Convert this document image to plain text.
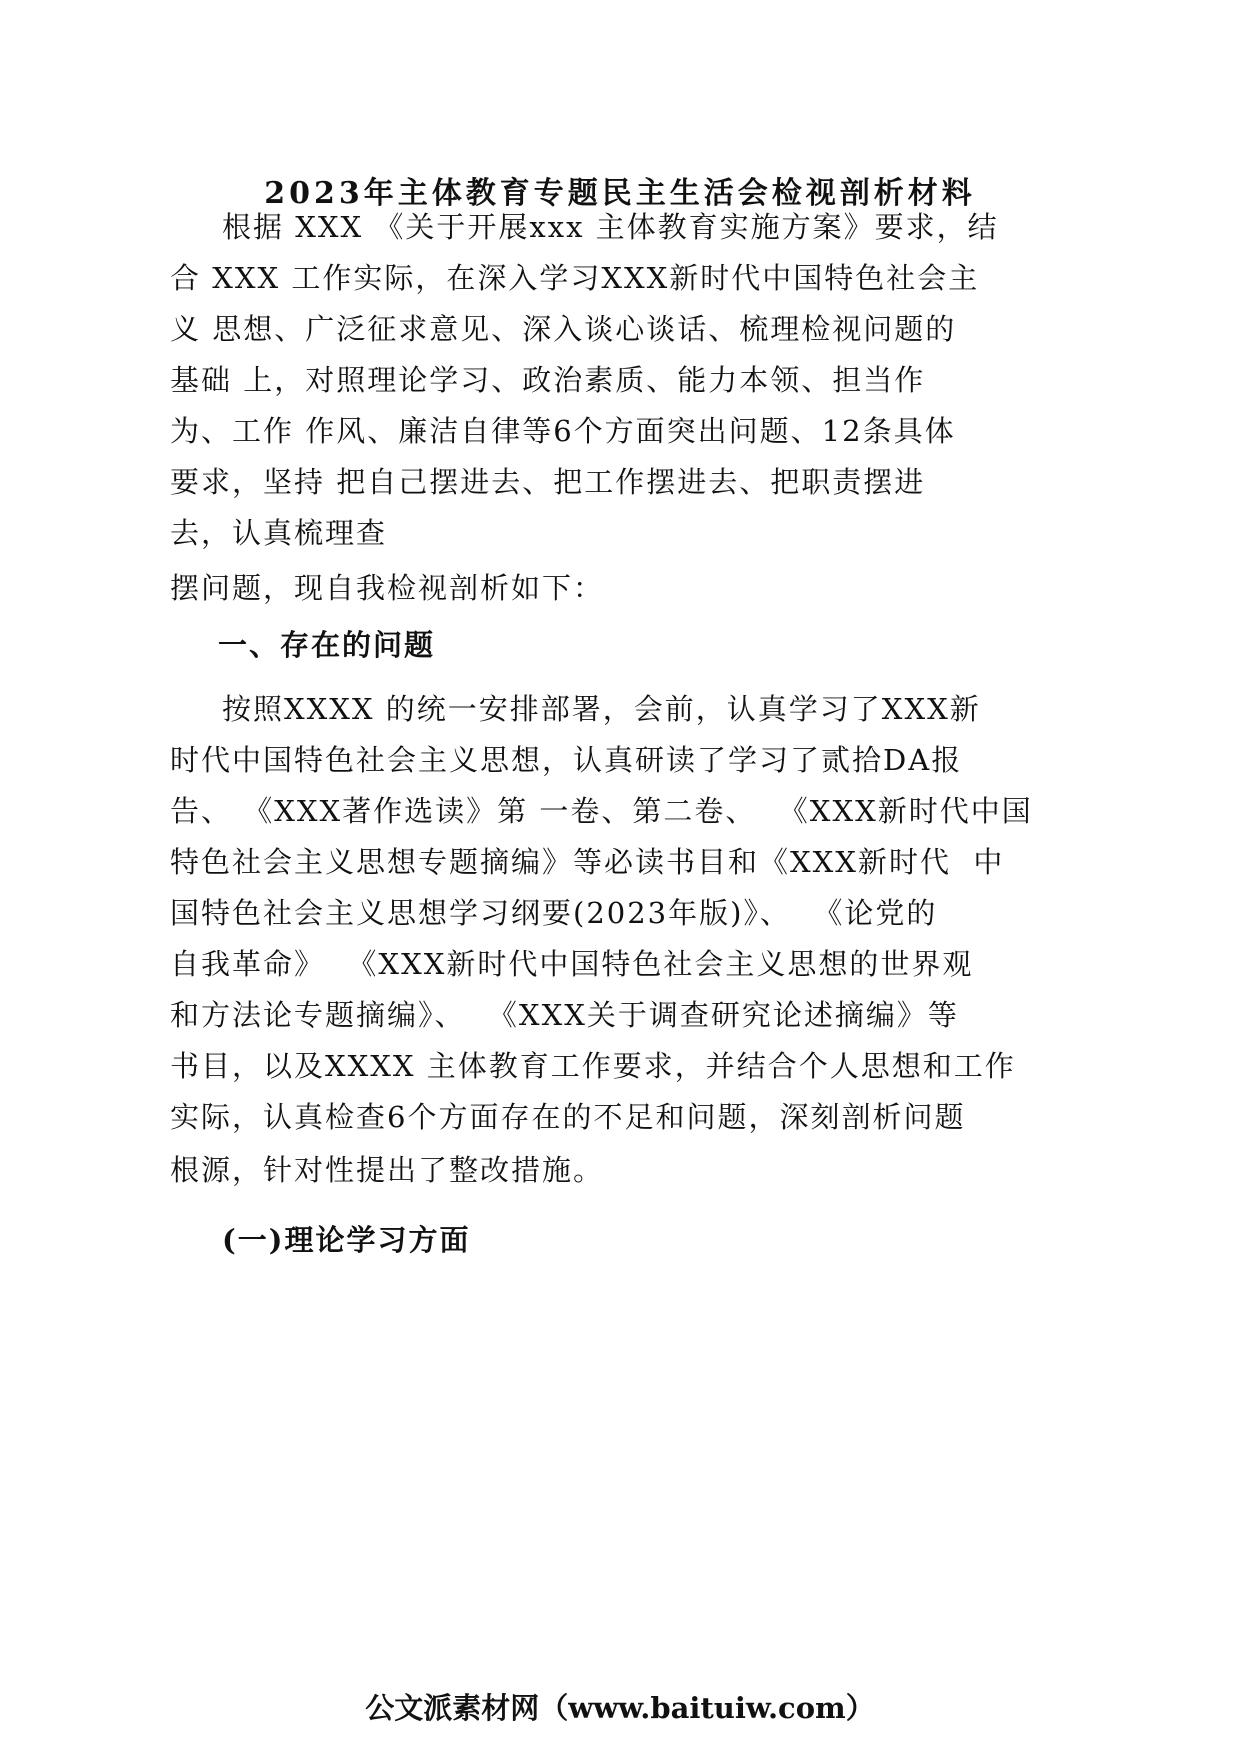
2023年主体教育专题民主生活会检视剖析材料
根据 XXX 《关于开展xxx 主体教育实施方案》要求，结
合 XXX 工作实际，在深入学习XXX新时代中国特色社会主
义 思想、广泛征求意见、深入谈心谈话、梳理检视问题的
基础 上，对照理论学习、政治素质、能力本领、担当作
为、工作 作风、廉洁自律等6个方面突出问题、12条具体
要求，坚持 把自己摆进去、把工作摆进去、把职责摆进
去，认真梳理查
摆问题，现自我检视剖析如下：
一、存在的问题
按照XXXX 的统一安排部署，会前，认真学习了XXX新
时代中国特色社会主义思想，认真研读了学习了贰拾DA报
告、 《XXX著作选读》第 一卷、第二卷、  《XXX新时代中国
特色社会主义思想专题摘编》等必读书目和《XXX新时代  中
国特色社会主义思想学习纲要(2023年版)》、  《论党的
自我革命》  《XXX新时代中国特色社会主义思想的世界观
和方法论专题摘编》、  《XXX关于调查研究论述摘编》等
书目，以及XXXX 主体教育工作要求，并结合个人思想和工作
实际，认真检查6个方面存在的不足和问题，深刻剖析问题
根源，针对性提出了整改措施。
(一)理论学习方面
公文派素材网（www.baituiw.com）
